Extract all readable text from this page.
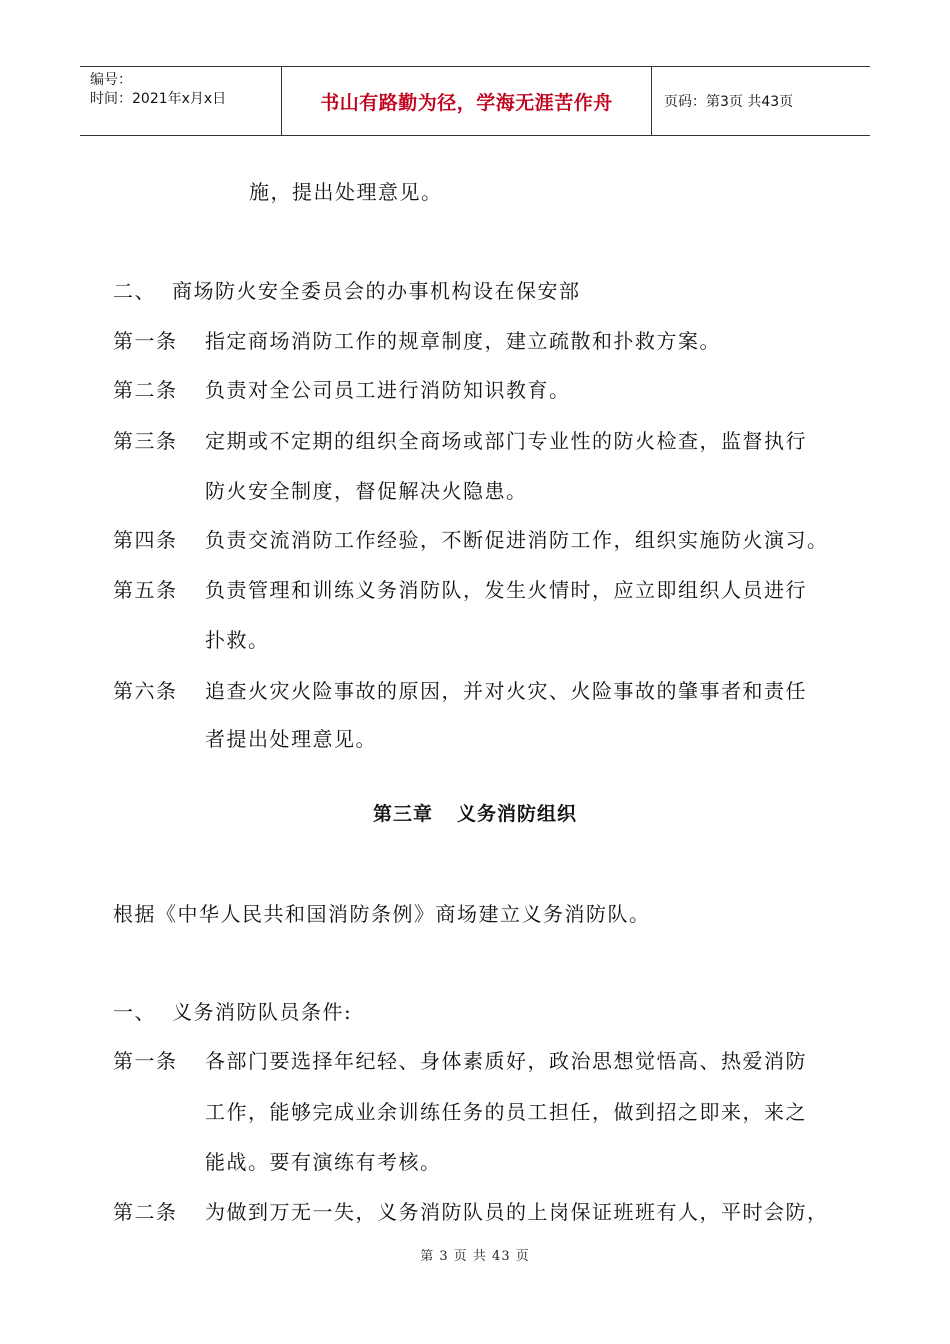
编号：
时间：2021年x月x日	书山有路勤为径，学海无涯苦作舟	页码：第3页 共43页
施，提出处理意见。
二、 商场防火安全委员会的办事机构设在保安部
第一条 指定商场消防工作的规章制度，建立疏散和扑救方案。
第二条 负责对全公司员工进行消防知识教育。
第三条 定期或不定期的组织全商场或部门专业性的防火检查，监督执行
防火安全制度，督促解决火隐患。
第四条 负责交流消防工作经验，不断促进消防工作，组织实施防火演习。
第五条 负责管理和训练义务消防队，发生火情时，应立即组织人员进行
扑救。
第六条 追查火灾火险事故的原因，并对火灾、火险事故的肇事者和责任
者提出处理意见。
第三章 义务消防组织
根据《中华人民共和国消防条例》商场建立义务消防队。
一、 义务消防队员条件:
第一条 各部门要选择年纪轻、身体素质好，政治思想觉悟高、热爱消防
工作，能够完成业余训练任务的员工担任，做到招之即来，来之
能战。要有演练有考核。
第二条 为做到万无一失，义务消防队员的上岗保证班班有人，平时会防，
第 3 页 共 43 页
